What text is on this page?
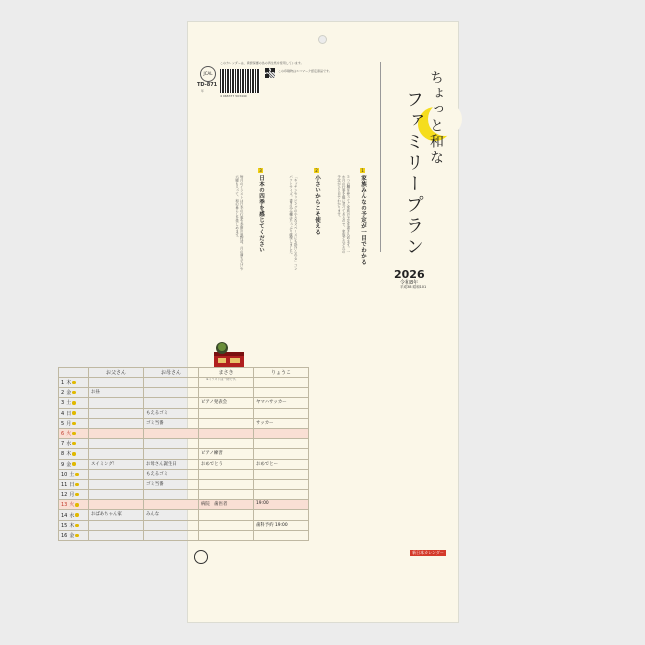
JCAL
TD-871
年
4 968377 503440
このカレンダーは、資源保護の為の再生紙を使用しています。
この印刷物はエコマーク認定商品です。	ちょっと和な
ファミリープラン
2026
令和8年
平成38 昭和101
1
家族みんなの予定が一目でわかる
５つの欄を使ってご家族の予定を書き込めます。一か月の行事を縦に並べてあるので、家族それぞれの予定がひと目でわかります。
2
小さいからこそ使える
「キッチンやリビングの小さなスペースにも掛けられる」コンパクトサイズ。書き込み欄はたっぷり確保しました。
3
日本の四季を感じてください
毎月のイラストは日本の行事や季節の風物詩。月の満ち欠けや六曜も入って、和の暮らしを楽しめます。
※イラストは一例です。
新日本カレンダー
	お父さん	お母さん	まさき	りょうこ
1 木	

2 金	お昼			

3 土			ピアノ発表会	ヤマハサッカー

4 日		もえるゴミ		

5 月		ゴミ当番		サッカー

6 火	

7 水	

8 木			ピアノ練習	

9 金	スイミング！	お母さん誕生日	おめでとう	おめでとー

10 土		もえるゴミ		

11 日		ゴミ当番		

12 月	

13 火			病院　歯医者	19:00

14 水	おばあちゃん家	みんな		

15 木				歯科予約 19:00

16 金	
